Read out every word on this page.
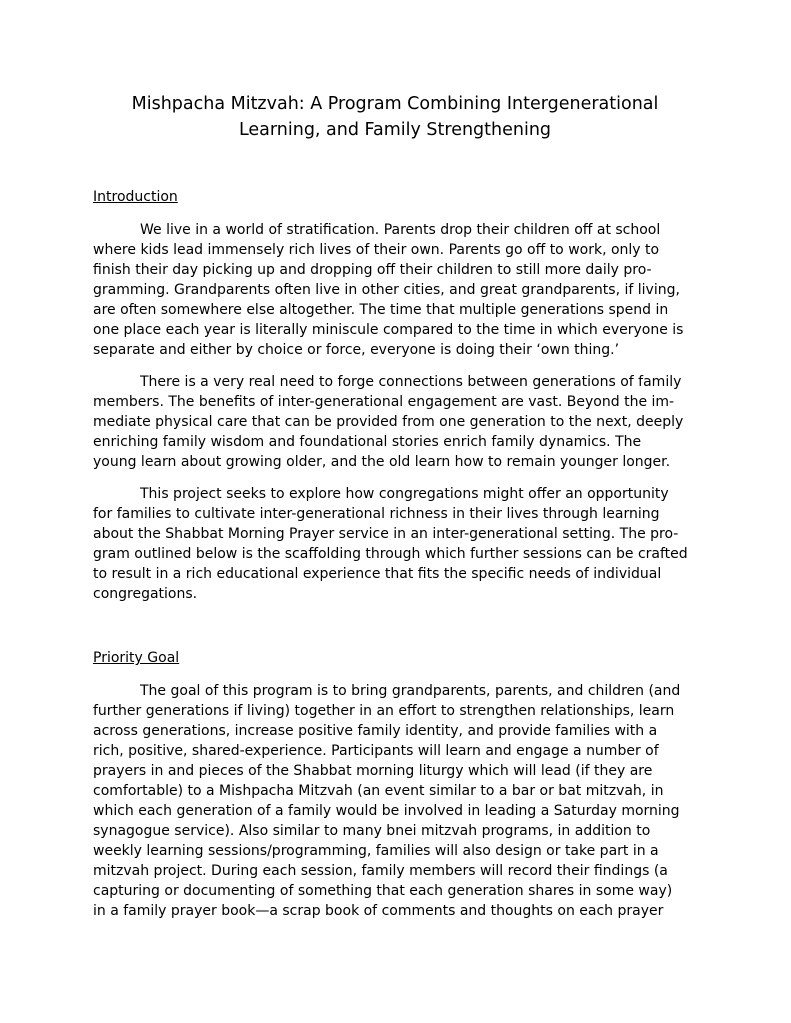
Mishpacha Mitzvah: A Program Combining Intergenerational
Learning, and Family Strengthening
Introduction
We live in a world of stratification. Parents drop their children off at school
where kids lead immensely rich lives of their own. Parents go off to work, only to
finish their day picking up and dropping off their children to still more daily pro-
gramming. Grandparents often live in other cities, and great grandparents, if living,
are often somewhere else altogether. The time that multiple generations spend in
one place each year is literally miniscule compared to the time in which everyone is
separate and either by choice or force, everyone is doing their ‘own thing.’
There is a very real need to forge connections between generations of family
members. The benefits of inter-generational engagement are vast. Beyond the im-
mediate physical care that can be provided from one generation to the next, deeply
enriching family wisdom and foundational stories enrich family dynamics. The
young learn about growing older, and the old learn how to remain younger longer.
This project seeks to explore how congregations might offer an opportunity
for families to cultivate inter-generational richness in their lives through learning
about the Shabbat Morning Prayer service in an inter-generational setting. The pro-
gram outlined below is the scaffolding through which further sessions can be crafted
to result in a rich educational experience that fits the specific needs of individual
congregations.
Priority Goal
The goal of this program is to bring grandparents, parents, and children (and
further generations if living) together in an effort to strengthen relationships, learn
across generations, increase positive family identity, and provide families with a
rich, positive, shared-experience. Participants will learn and engage a number of
prayers in and pieces of the Shabbat morning liturgy which will lead (if they are
comfortable) to a Mishpacha Mitzvah (an event similar to a bar or bat mitzvah, in
which each generation of a family would be involved in leading a Saturday morning
synagogue service). Also similar to many bnei mitzvah programs, in addition to
weekly learning sessions/programming, families will also design or take part in a
mitzvah project. During each session, family members will record their findings (a
capturing or documenting of something that each generation shares in some way)
in a family prayer book—a scrap book of comments and thoughts on each prayer
